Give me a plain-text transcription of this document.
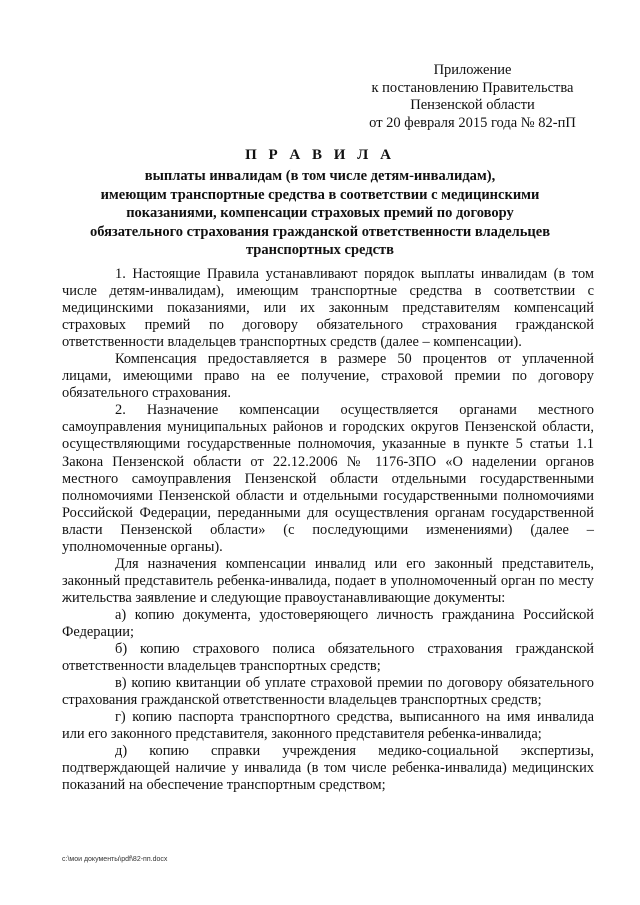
Приложение
к постановлению Правительства
Пензенской области
от 20 февраля 2015 года № 82-пП
П Р А В И Л А
выплаты инвалидам (в том числе детям-инвалидам),
имеющим транспортные средства в соответствии с медицинскими
показаниями, компенсации страховых премий по договору
обязательного страхования гражданской ответственности владельцев
транспортных средств

1. Настоящие Правила устанавливают порядок выплаты инвалидам (в том числе детям-инвалидам), имеющим транспортные средства в соответствии с медицинскими показаниями, или их законным представителям компенсаций страховых премий по договору обязательного страхования гражданской ответственности владельцев транспортных средств (далее – компенсации).

Компенсация предоставляется в размере 50 процентов от уплаченной лицами, имеющими право на ее получение, страховой премии по договору обязательного страхования.

2. Назначение компенсации осуществляется органами местного самоуправления муниципальных районов и городских округов Пензенской области, осуществляющими государственные полномочия, указанные в пункте 5 статьи 1.1 Закона Пензенской области от 22.12.2006 № 1176-ЗПО «О наделении органов местного самоуправления Пензенской области отдельными государственными полномочиями Пензенской области и отдельными государственными полномочиями Российской Федерации, переданными для осуществления органам государственной власти Пензенской области» (с последующими изменениями) (далее – уполномоченные органы).

Для назначения компенсации инвалид или его законный представитель, законный представитель ребенка-инвалида, подает в уполномоченный орган по месту жительства заявление и следующие правоустанавливающие документы:

а) копию документа, удостоверяющего личность гражданина Российской Федерации;

б) копию страхового полиса обязательного страхования гражданской ответственности владельцев транспортных средств;

в) копию квитанции об уплате страховой премии по договору обязательного страхования гражданской ответственности владельцев транспортных средств;

г) копию паспорта транспортного средства, выписанного на имя инвалида или его законного представителя, законного представителя ребенка-инвалида;

д) копию справки учреждения медико-социальной экспертизы, подтверждающей наличие у инвалида (в том числе ребенка-инвалида) медицинских показаний на обеспечение транспортным средством;

c:\мои документы\pdf\82-пп.docx
